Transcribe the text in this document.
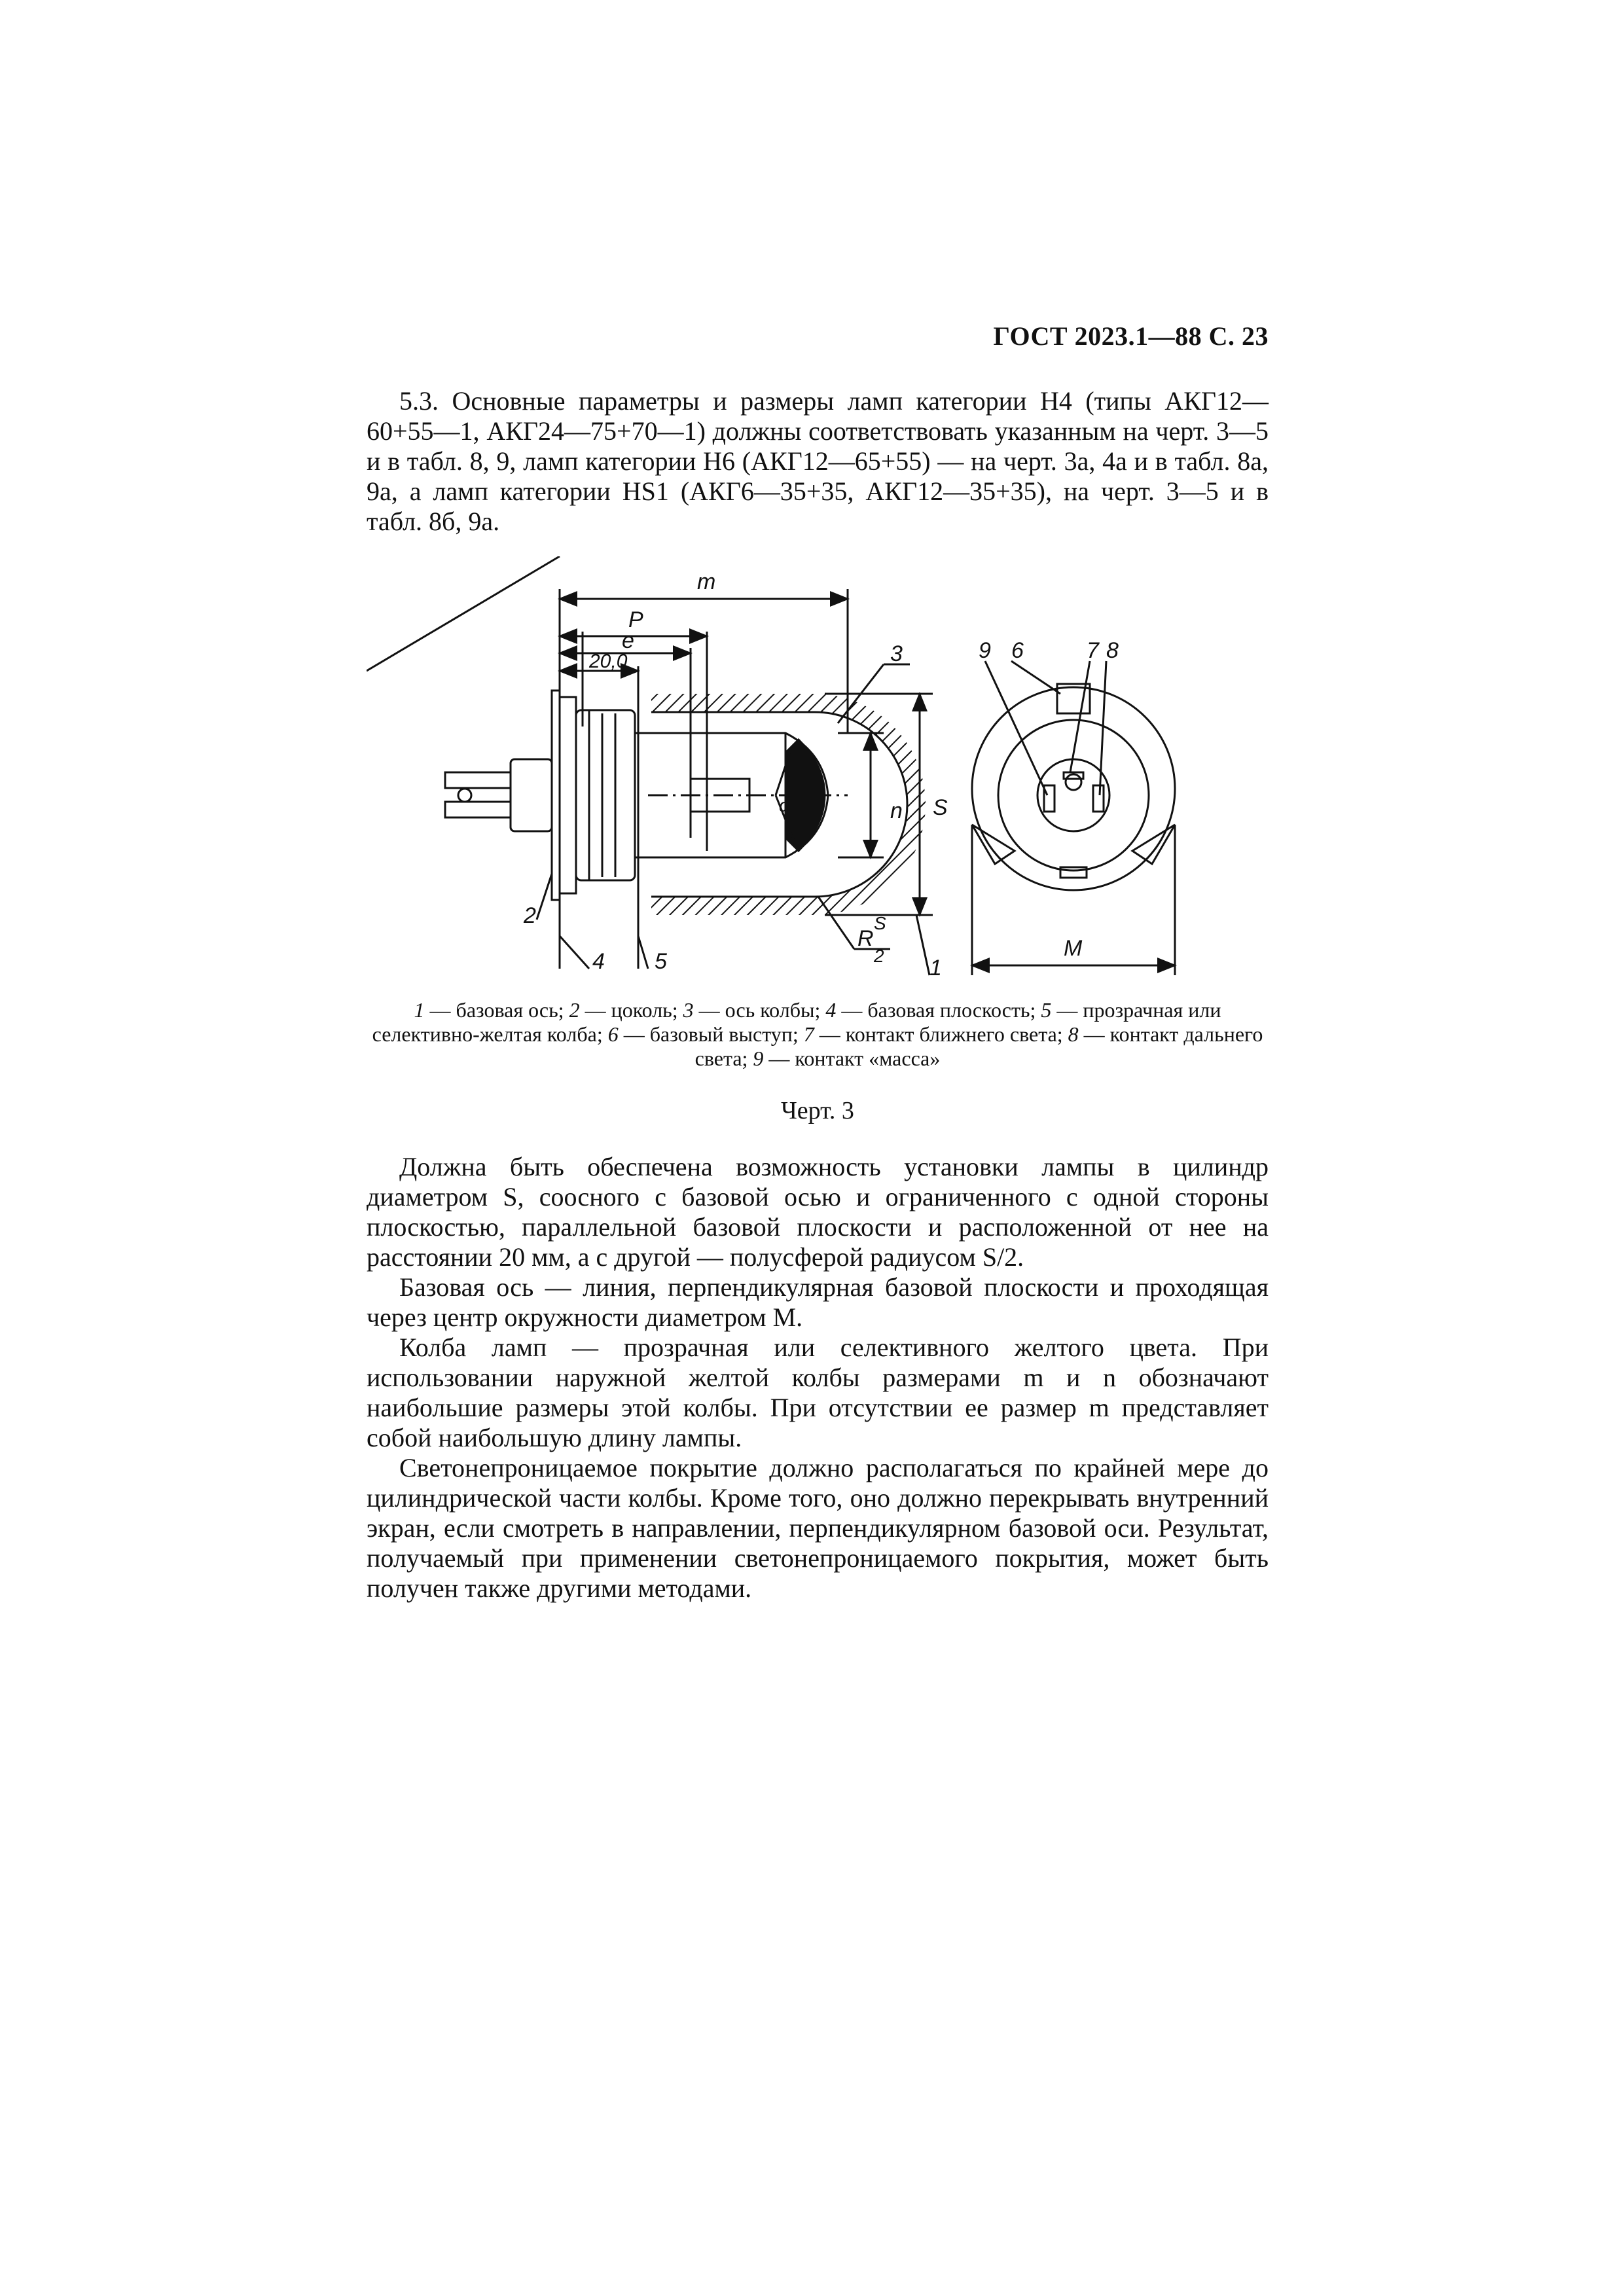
ГОСТ 2023.1—88 С. 23

5.3. Основные параметры и размеры ламп категории Н4 (типы АКГ12—60+55—1, АКГ24—75+70—1) должны соответствовать указанным на черт. 3—5 и в табл. 8, 9, ламп категории Н6 (АКГ12—65+55) — на черт. 3а, 4а и в табл. 8а, 9а, а ламп категории HS1 (АКГ6—35+35, АКГ12—35+35), на черт. 3—5 и в табл. 8б, 9а.

m
P
e
20,0
n S
M
α
R
S
2 1
2
3
4 5
6	7 8
9
1 — базовая ось; 2 — цоколь; 3 — ось колбы; 4 — базовая плоскость; 5 — прозрачная или селективно-желтая колба; 6 — базовый выступ; 7 — контакт ближнего света; 8 — контакт дальнего света; 9 — контакт «масса»
Черт. 3

Должна быть обеспечена возможность установки лампы в цилиндр диаметром S, соосного с базовой осью и ограниченного с одной стороны плоскостью, параллельной базовой плоскости и расположенной от нее на расстоянии 20 мм, а с другой — полусферой радиусом S/2.

Базовая ось — линия, перпендикулярная базовой плоскости и проходящая через центр окружности диаметром M.

Колба ламп — прозрачная или селективного желтого цвета. При использовании наружной желтой колбы размерами m и n обозначают наибольшие размеры этой колбы. При отсутствии ее размер m представляет собой наибольшую длину лампы.

Светонепроницаемое покрытие должно располагаться по крайней мере до цилиндрической части колбы. Кроме того, оно должно перекрывать внутренний экран, если смотреть в направлении, перпендикулярном базовой оси. Результат, получаемый при применении светонепроницаемого покрытия, может быть получен также другими методами.
